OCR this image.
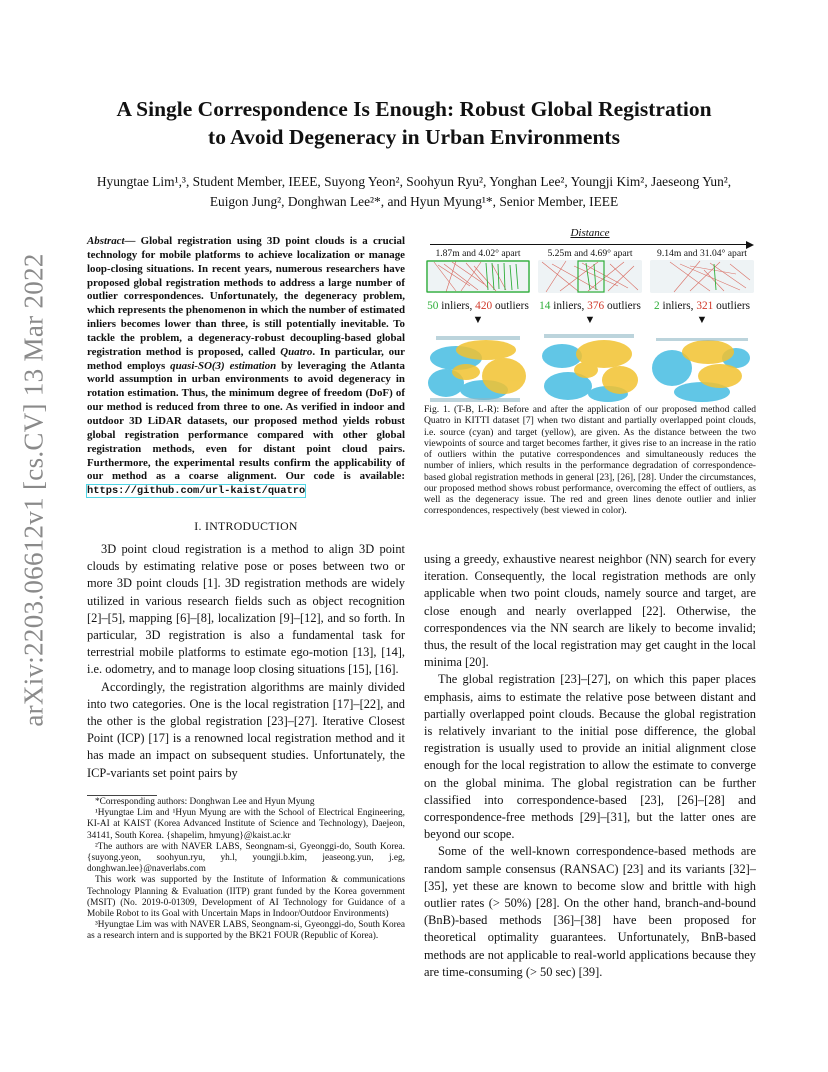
arXiv:2203.06612v1 [cs.CV] 13 Mar 2022
A Single Correspondence Is Enough: Robust Global Registration
to Avoid Degeneracy in Urban Environments
Hyungtae Lim¹,³, Student Member, IEEE, Suyong Yeon², Soohyun Ryu², Yonghan Lee², Youngji Kim², Jaeseong Yun², Euigon Jung², Donghwan Lee²*, and Hyun Myung¹*, Senior Member, IEEE
Abstract— Global registration using 3D point clouds is a crucial technology for mobile platforms to achieve localization or manage loop-closing situations. In recent years, numerous researchers have proposed global registration methods to address a large number of outlier correspondences. Unfortunately, the degeneracy problem, which represents the phenomenon in which the number of estimated inliers becomes lower than three, is still potentially inevitable. To tackle the problem, a degeneracy-robust decoupling-based global registration method is proposed, called Quatro. In particular, our method employs quasi-SO(3) estimation by leveraging the Atlanta world assumption in urban environments to avoid degeneracy in rotation estimation. Thus, the minimum degree of freedom (DoF) of our method is reduced from three to one. As verified in indoor and outdoor 3D LiDAR datasets, our proposed method yields robust global registration performance compared with other global registration methods, even for distant point cloud pairs. Furthermore, the experimental results confirm the applicability of our method as a coarse alignment. Our code is available: https://github.com/url-kaist/quatro
I. INTRODUCTION

3D point cloud registration is a method to align 3D point clouds by estimating relative pose or poses between two or more 3D point clouds [1]. 3D registration methods are widely utilized in various research fields such as object recognition [2]–[5], mapping [6]–[8], localization [9]–[12], and so forth. In particular, 3D registration is also a fundamental task for terrestrial mobile platforms to estimate ego-motion [13], [14], i.e. odometry, and to manage loop closing situations [15], [16].

Accordingly, the registration algorithms are mainly divided into two categories. One is the local registration [17]–[22], and the other is the global registration [23]–[27]. Iterative Closest Point (ICP) [17] is a renowned local registration method and it has made an impact on subsequent studies. Unfortunately, the ICP-variants set point pairs by

*Corresponding authors: Donghwan Lee and Hyun Myung

¹Hyungtae Lim and ¹Hyun Myung are with the School of Electrical Engineering, KI-AI at KAIST (Korea Advanced Institute of Science and Technology), Daejeon, 34141, South Korea. {shapelim, hmyung}@kaist.ac.kr

²The authors are with NAVER LABS, Seongnam-si, Gyeonggi-do, South Korea.{suyong.yeon, soohyun.ryu, yh.l, youngji.b.kim, jeaseong.yun, j.eg, donghwan.lee}@naverlabs.com

This work was supported by the Institute of Information & communications Technology Planning & Evaluation (IITP) grant funded by the Korea government (MSIT) (No. 2019-0-01309, Development of AI Technology for Guidance of a Mobile Robot to its Goal with Uncertain Maps in Indoor/Outdoor Environments)

³Hyungtae Lim was with NAVER LABS, Seongnam-si, Gyeonggi-do, South Korea as a research intern and is supported by the BK21 FOUR (Republic of Korea).

Distance
1.87m and 4.02° apart
50 inliers, 420 outliers
▼
5.25m and 4.69° apart
14 inliers, 376 outliers
▼
9.14m and 31.04° apart
2 inliers, 321 outliers
▼
Fig. 1. (T-B, L-R): Before and after the application of our proposed method called Quatro in KITTI dataset [7] when two distant and partially overlapped point clouds, i.e. source (cyan) and target (yellow), are given. As the distance between the two viewpoints of source and target becomes farther, it gives rise to an increase in the ratio of outliers within the putative correspondences and simultaneously reduces the number of inliers, which results in the performance degradation of correspondence-based global registration methods in general [23], [26], [28]. Under the circumstances, our proposed method shows robust performance, overcoming the effect of outliers, as well as the degeneracy issue. The red and green lines denote outlier and inlier correspondences, respectively (best viewed in color).

using a greedy, exhaustive nearest neighbor (NN) search for every iteration. Consequently, the local registration methods are only applicable when two point clouds, namely source and target, are close enough and nearly overlapped [22]. Otherwise, the correspondences via the NN search are likely to become invalid; thus, the result of the local registration may get caught in the local minima [20].

The global registration [23]–[27], on which this paper places emphasis, aims to estimate the relative pose between distant and partially overlapped point clouds. Because the global registration is relatively invariant to the initial pose difference, the global registration is usually used to provide an initial alignment close enough for the local registration to allow the estimate to converge on the global minima. The global registration can be further classified into correspondence-based [23], [26]–[28] and correspondence-free methods [29]–[31], but the latter ones are beyond our scope.

Some of the well-known correspondence-based methods are random sample consensus (RANSAC) [23] and its variants [32]–[35], yet these are known to become slow and brittle with high outlier rates (> 50%) [28]. On the other hand, branch-and-bound (BnB)-based methods [36]–[38] have been proposed for theoretical optimality guarantees. Unfortunately, BnB-based methods are not applicable to real-world applications because they are time-consuming (> 50 sec) [39].
